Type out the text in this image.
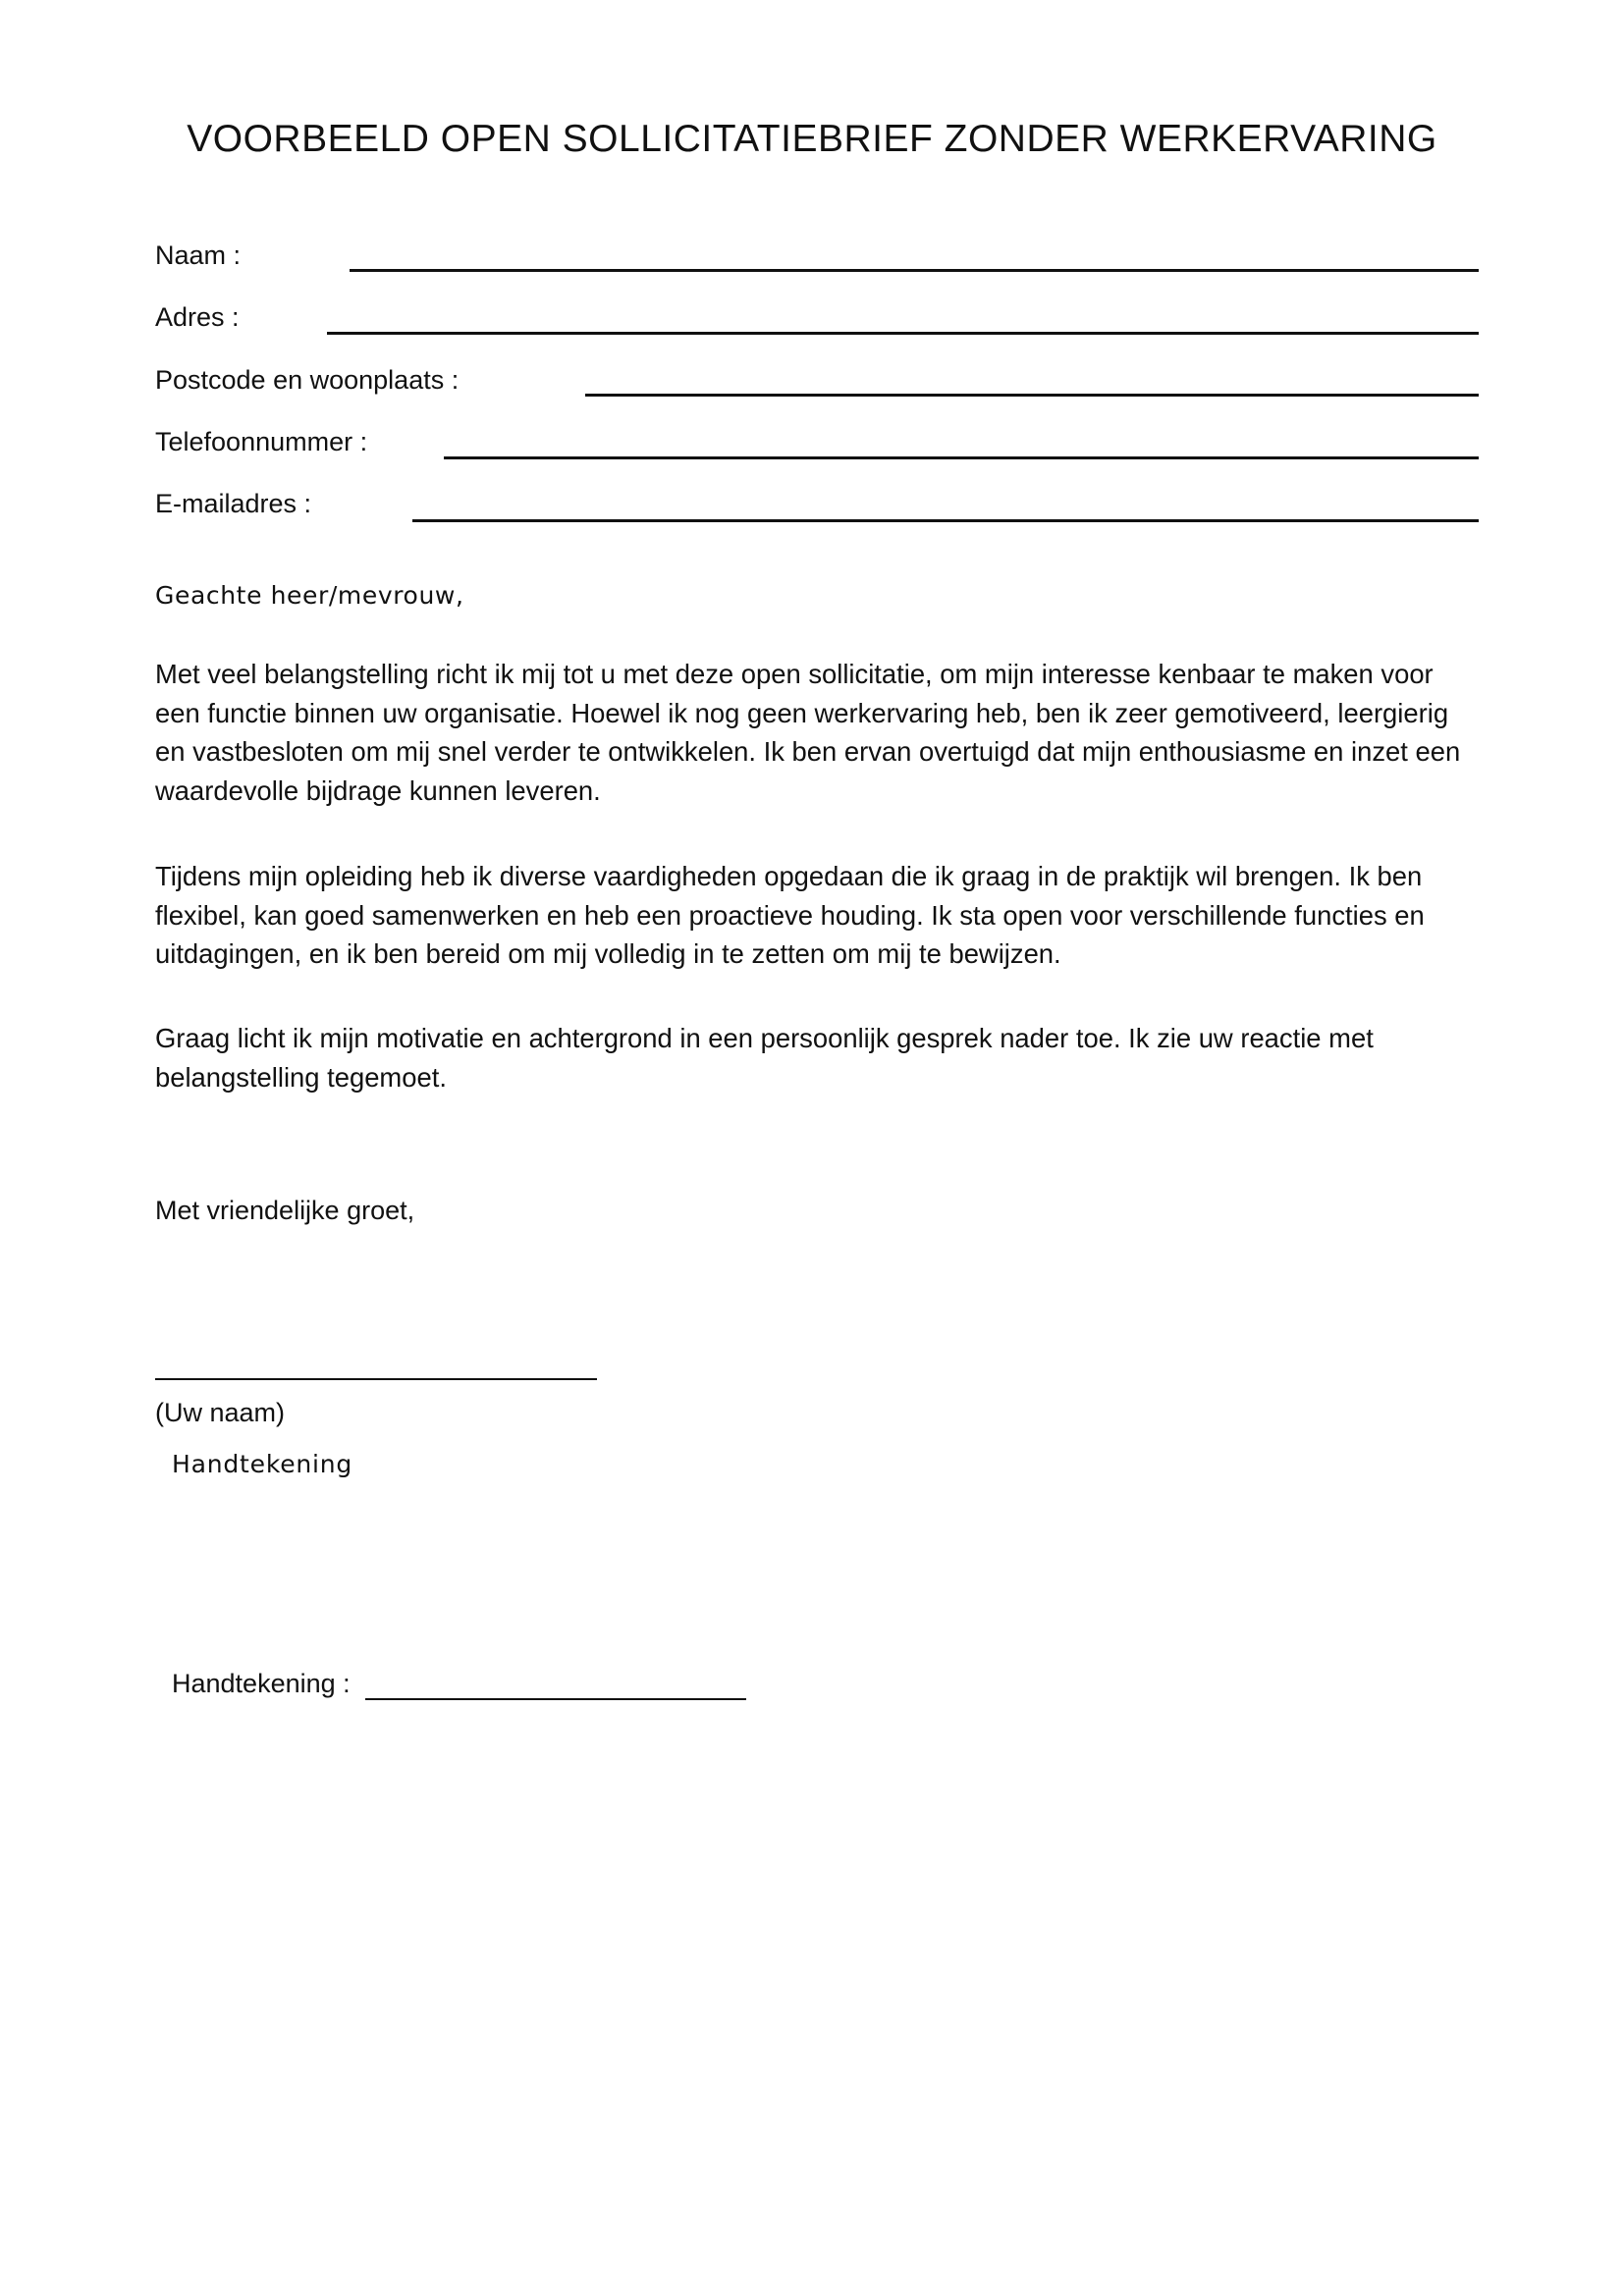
VOORBEELD OPEN SOLLICITATIEBRIEF ZONDER WERKERVARING
Naam :
Adres :
Postcode en woonplaats :
Telefoonnummer :
E-mailadres :
Geachte heer/mevrouw,

Met veel belangstelling richt ik mij tot u met deze open sollicitatie, om mijn interesse kenbaar te maken voor een functie binnen uw organisatie. Hoewel ik nog geen werkervaring heb, ben ik zeer gemotiveerd, leergierig en vastbesloten om mij snel verder te ontwikkelen. Ik ben ervan overtuigd dat mijn enthousiasme en inzet een waardevolle bijdrage kunnen leveren.

Tijdens mijn opleiding heb ik diverse vaardigheden opgedaan die ik graag in de praktijk wil brengen. Ik ben flexibel, kan goed samenwerken en heb een proactieve houding. Ik sta open voor verschillende functies en uitdagingen, en ik ben bereid om mij volledig in te zetten om mij te bewijzen.

Graag licht ik mijn motivatie en achtergrond in een persoonlijk gesprek nader toe. Ik zie uw reactie met belangstelling tegemoet.

Met vriendelijke groet,
(Uw naam)
Handtekening
Handtekening :
